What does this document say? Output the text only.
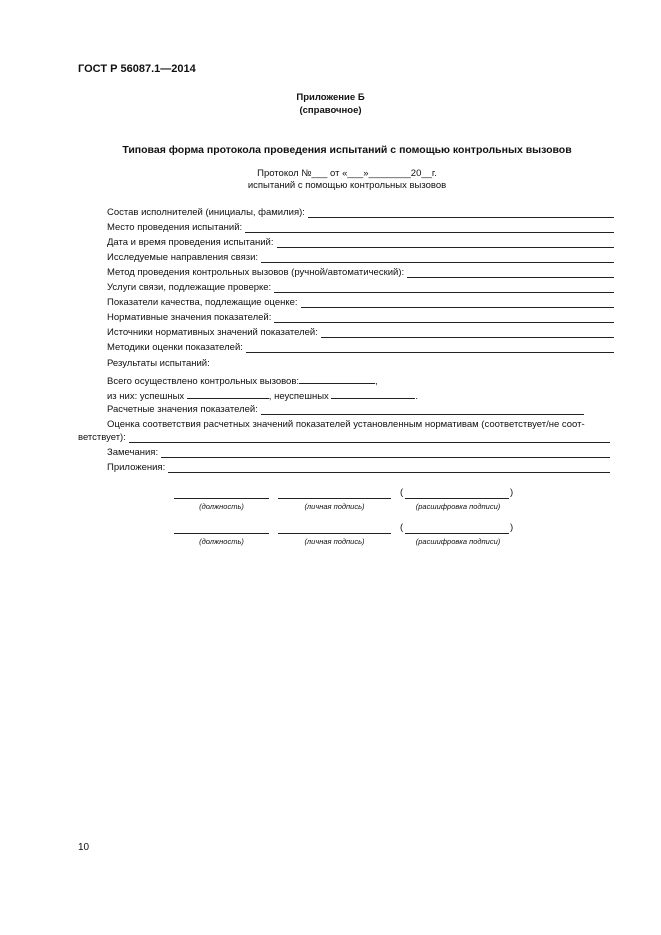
ГОСТ Р 56087.1—2014
Приложение Б
(справочное)
Типовая форма протокола проведения испытаний с помощью контрольных вызовов
Протокол №___ от «___»________20__г.
испытаний с помощью контрольных вызовов
Состав исполнителей (инициалы, фамилия):
Место проведения испытаний:
Дата и время проведения испытаний:
Исследуемые направления связи:
Метод проведения контрольных вызовов (ручной/автоматический):
Услуги связи, подлежащие проверке:
Показатели качества, подлежащие оценке:
Нормативные значения показателей:
Источники нормативных значений показателей:
Методики оценки показателей:
Результаты испытаний:
Всего осуществлено контрольных вызовов:	,
из них: успешных	, неуспешных	.
Расчетные значения показателей:
Оценка соответствия расчетных значений показателей установленным нормативам (соответствует/не соот-
ветствует):
Замечания:
Приложения:
(	)
(должность)	(личная подпись)	(расшифровка подписи)
(	)
(должность)	(личная подпись)	(расшифровка подписи)
10
